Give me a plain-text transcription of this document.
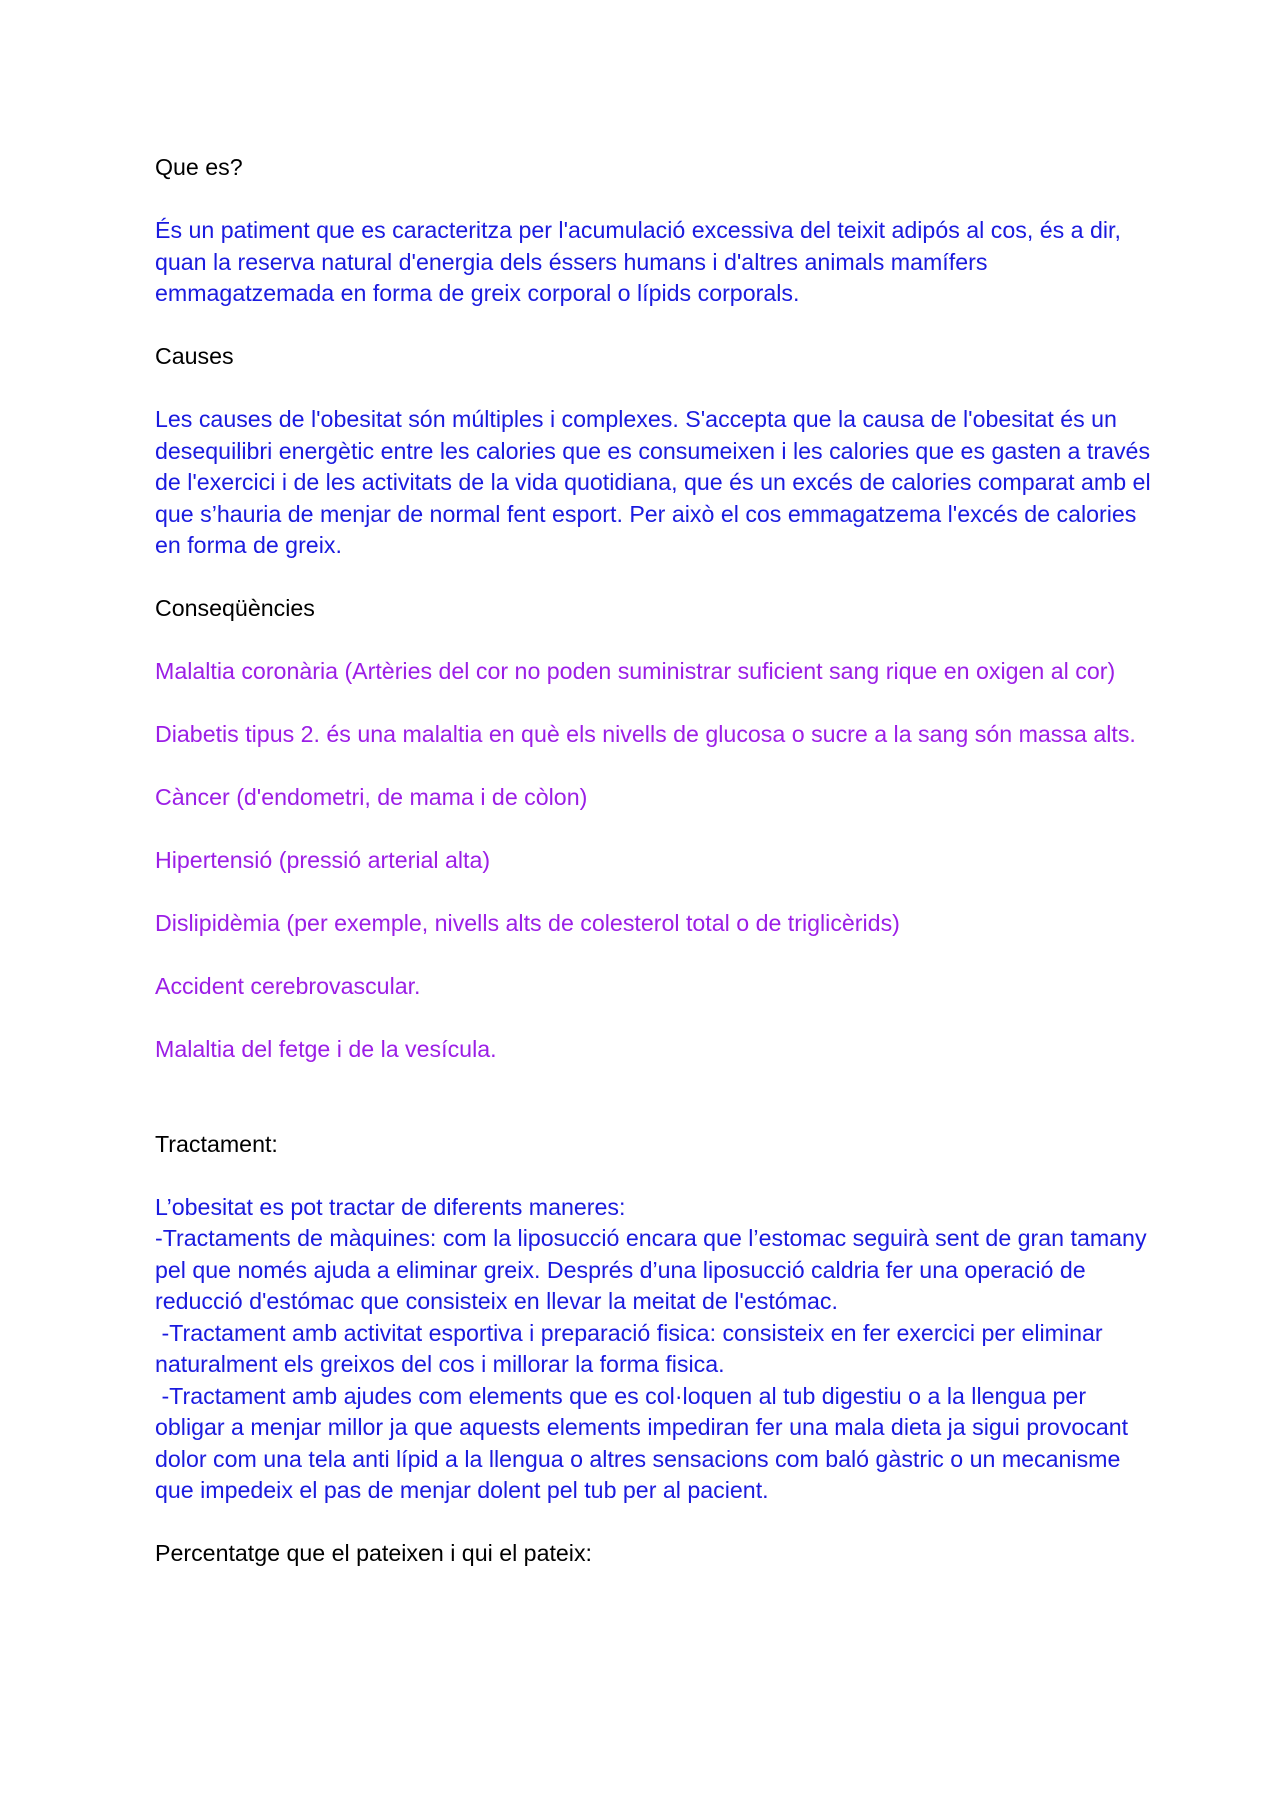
Que es?

És un patiment que es caracteritza per l'acumulació excessiva del teixit adipós al cos, és a dir, quan la reserva natural d'energia dels éssers humans i d'altres animals mamífers emmagatzemada en forma de greix corporal o lípids corporals.

Causes

Les causes de l'obesitat són múltiples i complexes. S'accepta que la causa de l'obesitat és un desequilibri energètic entre les calories que es consumeixen i les calories que es gasten a través de l'exercici i de les activitats de la vida quotidiana, que és un excés de calories comparat amb el que s’hauria de menjar de normal fent esport. Per això el cos emmagatzema l'excés de calories en forma de greix.

Conseqüències

Malaltia coronària (Artèries del cor no poden suministrar suficient sang rique en oxigen al cor)

Diabetis tipus 2. és una malaltia en què els nivells de glucosa o sucre a la sang són massa alts.

Càncer (d'endometri, de mama i de còlon)

Hipertensió (pressió arterial alta)

Dislipidèmia (per exemple, nivells alts de colesterol total o de triglicèrids)

Accident cerebrovascular.

Malaltia del fetge i de la vesícula.

Tractament:

L’obesitat es pot tractar de diferents maneres:

-Tractaments de màquines: com la liposucció encara que l’estomac seguirà sent de gran tamany pel que només ajuda a eliminar greix. Després d’una liposucció caldria fer una operació de reducció d'estómac que consisteix en llevar la meitat de l'estómac.

-Tractament amb activitat esportiva i preparació fisica: consisteix en fer exercici per eliminar naturalment els greixos del cos i millorar la forma fisica.

-Tractament amb ajudes com elements que es col·loquen al tub digestiu o a la llengua per obligar a menjar millor ja que aquests elements impediran fer una mala dieta ja sigui provocant dolor com una tela anti lípid a la llengua o altres sensacions com baló gàstric o un mecanisme que impedeix el pas de menjar dolent pel tub per al pacient.

Percentatge que el pateixen i qui el pateix:
